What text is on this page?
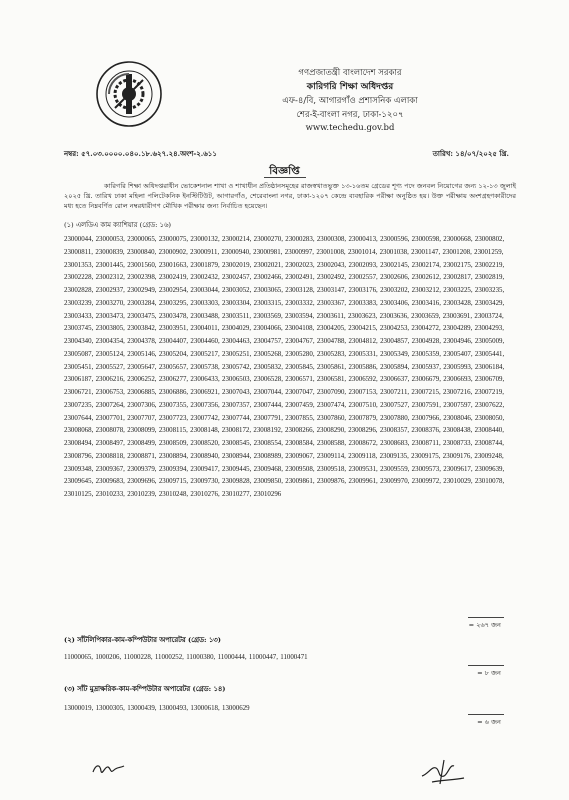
গণপ্রজাতন্ত্রী বাংলাদেশ সরকার
কারিগরি শিক্ষা অধিদপ্তর
এফ-৪/বি, আগারগাঁও প্রশাসনিক এলাকা
শের-ই-বাংলা নগর, ঢাকা-১২০৭
www.techedu.gov.bd
নম্বর: ৫৭.০৩.০০০০.০৪০.১৮.৬২৭.২৪.অংশ-২.৬১১	তারিখ: ১৪/০৭/২০২৫ খ্রি.
বিজ্ঞপ্তি
কারিগরি শিক্ষা অধিদপ্তরাধীন ভোকেশনাল শাখা ও শাখাধীন প্রতিষ্ঠানসমূহের রাজস্বখাতভুক্ত ১৩-১৬তম গ্রেডের শূণ্য পদে জনবল নিয়োগের জন্য ১২-১৩ জুলাই ২০২৫ খ্রি. তারিখ ঢাকা মহিলা পলিটেকনিক ইনস্টিটিউট, আগারগাঁও, শেরেবাংলা নগর, ঢাকা-১২০৭ কেন্দ্রে ব্যবহারিক পরীক্ষা অনুষ্ঠিত হয়। উক্ত পরীক্ষায় অংশগ্রহণকারীদের মধ্য হতে নিম্নবর্ণিত রোল নম্বরধারীগণ মৌখিক পরীক্ষার জন্য নির্বাচিত হয়েছেন।
(১) এলডিএ কাম ক্যাশিয়ার (গ্রেড: ১৬)
23000044, 23000053, 23000065, 23000075, 23000132, 23000214, 23000270, 23000283, 23000308, 23000413, 23000596, 23000598, 23000668, 23000802, 23000811, 23000839, 23000840, 23000902, 23000911, 23000940, 23000981, 23000997, 23001008, 23001014, 23001038, 23001147, 23001208, 23001259, 23001353, 23001445, 23001560, 23001663, 23001879, 23002019, 23002021, 23002023, 23002043, 23002093, 23002145, 23002174, 23002175, 23002219, 23002228, 23002312, 23002398, 23002419, 23002432, 23002457, 23002466, 23002491, 23002492, 23002557, 23002606, 23002612, 23002817, 23002819, 23002828, 23002937, 23002949, 23002954, 23003044, 23003052, 23003065, 23003128, 23003147, 23003176, 23003202, 23003212, 23003225, 23003235, 23003239, 23003270, 23003284, 23003295, 23003303, 23003304, 23003315, 23003332, 23003367, 23003383, 23003406, 23003416, 23003428, 23003429, 23003433, 23003473, 23003475, 23003478, 23003488, 23003511, 23003569, 23003594, 23003611, 23003623, 23003636, 23003659, 23003691, 23003724, 23003745, 23003805, 23003842, 23003951, 23004011, 23004029, 23004066, 23004108, 23004205, 23004215, 23004253, 23004272, 23004289, 23004293, 23004340, 23004354, 23004378, 23004407, 23004460, 23004463, 23004757, 23004767, 23004788, 23004812, 23004857, 23004928, 23004946, 23005009, 23005087, 23005124, 23005146, 23005204, 23005217, 23005251, 23005268, 23005280, 23005283, 23005331, 23005349, 23005359, 23005407, 23005441, 23005451, 23005527, 23005647, 23005657, 23005738, 23005742, 23005832, 23005845, 23005861, 23005886, 23005894, 23005937, 23005993, 23006184, 23006187, 23006216, 23006252, 23006277, 23006433, 23006503, 23006528, 23006571, 23006581, 23006592, 23006637, 23006679, 23006693, 23006709, 23006721, 23006753, 23006885, 23006886, 23006921, 23007043, 23007044, 23007047, 23007090, 23007153, 23007211, 23007215, 23007216, 23007219, 23007235, 23007264, 23007306, 23007355, 23007356, 23007357, 23007444, 23007459, 23007474, 23007510, 23007527, 23007591, 23007597, 23007622, 23007644, 23007701, 23007707, 23007723, 23007742, 23007744, 23007791, 23007855, 23007860, 23007879, 23007880, 23007966, 23008046, 23008050, 23008068, 23008078, 23008099, 23008115, 23008148, 23008172, 23008192, 23008266, 23008290, 23008296, 23008357, 23008376, 23008438, 23008440, 23008494, 23008497, 23008499, 23008509, 23008520, 23008545, 23008554, 23008584, 23008588, 23008672, 23008683, 23008711, 23008733, 23008744, 23008796, 23008818, 23008871, 23008894, 23008940, 23008944, 23008989, 23009067, 23009114, 23009118, 23009135, 23009175, 23009176, 23009248, 23009348, 23009367, 23009379, 23009394, 23009417, 23009445, 23009468, 23009508, 23009518, 23009531, 23009559, 23009573, 23009617, 23009639, 23009645, 23009683, 23009696, 23009715, 23009730, 23009828, 23009850, 23009861, 23009876, 23009961, 23009970, 23009972, 23010029, 23010078, 23010125, 23010233, 23010239, 23010248, 23010276, 23010277, 23010296
= ২৬৭ জন
(২) সাঁটলিপিকার-কাম-কম্পিউটার অপারেটর (গ্রেড: ১৩)
11000065, 1000206, 11000228, 11000252, 11000380, 11000444, 11000447, 11000471
= ৮ জন
(৩) সাঁট মুদ্রাক্ষরিক-কাম-কম্পিউটার অপারেটর (গ্রেড: ১৪)
13000019, 13000305, 13000439, 13000493, 13000618, 13000629
= ৬ জন
